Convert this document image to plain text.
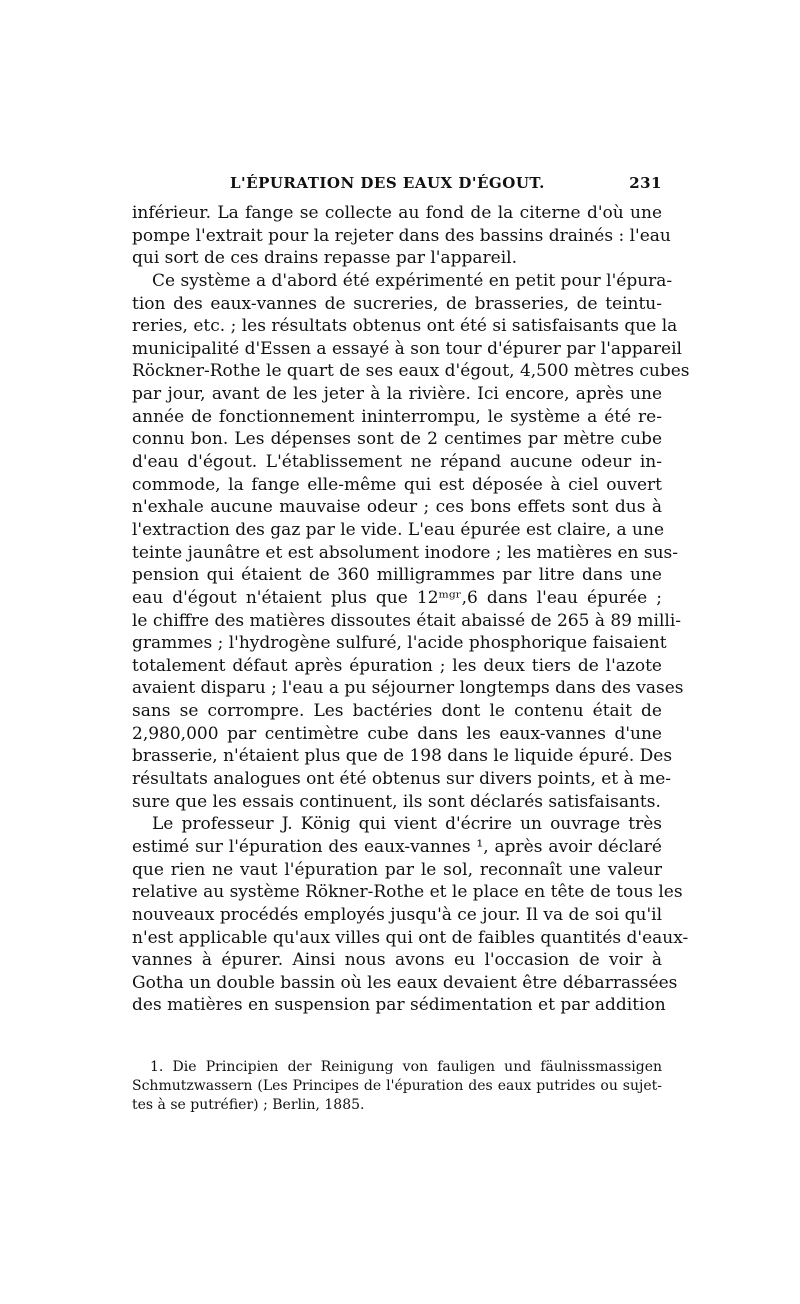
L'ÉPURATION DES EAUX D'ÉGOUT.	231
inférieur. La fange se collecte au fond de la citerne d'où une
pompe l'extrait pour la rejeter dans des bassins drainés : l'eau
qui sort de ces drains repasse par l'appareil.
Ce système a d'abord été expérimenté en petit pour l'épura-
tion des eaux-vannes de sucreries, de brasseries, de teintu-
reries, etc. ; les résultats obtenus ont été si satisfaisants que la
municipalité d'Essen a essayé à son tour d'épurer par l'appareil
Röckner-Rothe le quart de ses eaux d'égout, 4,500 mètres cubes
par jour, avant de les jeter à la rivière. Ici encore, après une
année de fonctionnement ininterrompu, le système a été re-
connu bon. Les dépenses sont de 2 centimes par mètre cube
d'eau d'égout. L'établissement ne répand aucune odeur in-
commode, la fange elle-même qui est déposée à ciel ouvert
n'exhale aucune mauvaise odeur ; ces bons effets sont dus à
l'extraction des gaz par le vide. L'eau épurée est claire, a une
teinte jaunâtre et est absolument inodore ; les matières en sus-
pension qui étaient de 360 milligrammes par litre dans une
eau d'égout n'étaient plus que 12ᵐᵍʳ,6 dans l'eau épurée ;
le chiffre des matières dissoutes était abaissé de 265 à 89 milli-
grammes ; l'hydrogène sulfuré, l'acide phosphorique faisaient
totalement défaut après épuration ; les deux tiers de l'azote
avaient disparu ; l'eau a pu séjourner longtemps dans des vases
sans se corrompre. Les bactéries dont le contenu était de
2,980,000 par centimètre cube dans les eaux-vannes d'une
brasserie, n'étaient plus que de 198 dans le liquide épuré. Des
résultats analogues ont été obtenus sur divers points, et à me-
sure que les essais continuent, ils sont déclarés satisfaisants.
Le professeur J. König qui vient d'écrire un ouvrage très
estimé sur l'épuration des eaux-vannes ¹, après avoir déclaré
que rien ne vaut l'épuration par le sol, reconnaît une valeur
relative au système Rökner-Rothe et le place en tête de tous les
nouveaux procédés employés jusqu'à ce jour. Il va de soi qu'il
n'est applicable qu'aux villes qui ont de faibles quantités d'eaux-
vannes à épurer. Ainsi nous avons eu l'occasion de voir à
Gotha un double bassin où les eaux devaient être débarrassées
des matières en suspension par sédimentation et par addition
1. Die Principien der Reinigung von fauligen und fäulnissmassigen
Schmutzwassern (Les Principes de l'épuration des eaux putrides ou sujet-
tes à se putréfier) ; Berlin, 1885.
